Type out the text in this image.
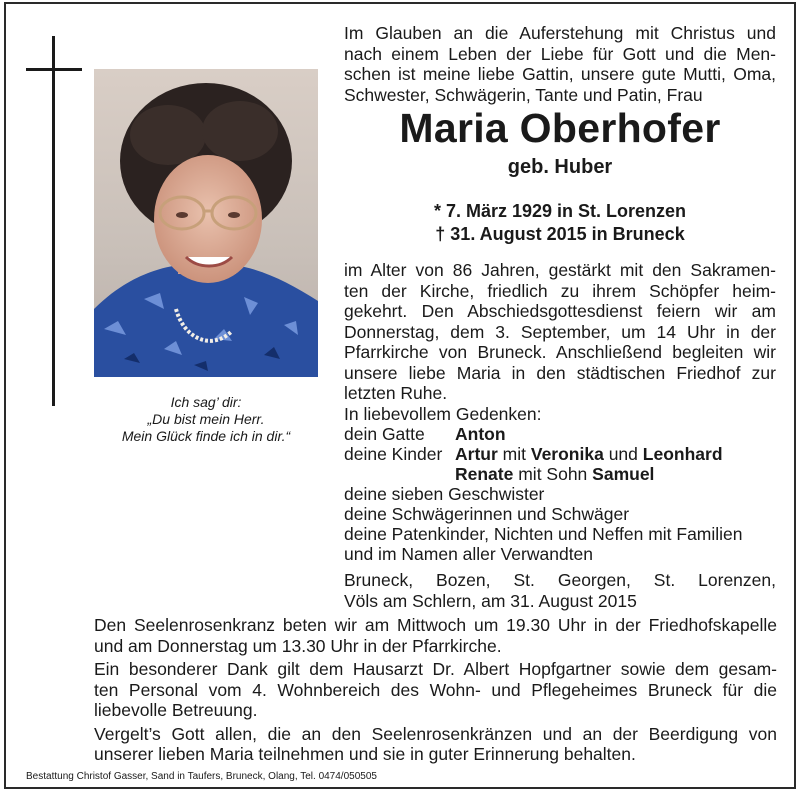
Ich sag’ dir:
„Du bist mein Herr.
Mein Glück finde ich in dir.“
Im Glauben an die Auferstehung mit Christus und
nach einem Leben der Liebe für Gott und die Men-
schen ist meine liebe Gattin, unsere gute Mutti, Oma,
Schwester, Schwägerin, Tante und Patin, Frau
Maria Oberhofer
geb. Huber
* 7. März 1929 in St. Lorenzen
† 31. August 2015 in Bruneck
im Alter von 86 Jahren, gestärkt mit den Sakramen-
ten der Kirche, friedlich zu ihrem Schöpfer heim-
gekehrt. Den Abschiedsgottesdienst feiern wir am
Donnerstag, dem 3. September, um 14 Uhr in der
Pfarrkirche von Bruneck. Anschließend begleiten wir
unsere liebe Maria in den städtischen Friedhof zur
letzten Ruhe.
In liebevollem Gedenken:
dein Gatte Anton
deine Kinder Artur mit Veronika und Leonhard
Renate mit Sohn Samuel
deine sieben Geschwister
deine Schwägerinnen und Schwäger
deine Patenkinder, Nichten und Neffen mit Familien
und im Namen aller Verwandten
Bruneck, Bozen, St. Georgen, St. Lorenzen,
Völs am Schlern, am 31. August 2015

Den Seelenrosenkranz beten wir am Mittwoch um 19.30 Uhr in der Friedhofskapelle
und am Donnerstag um 13.30 Uhr in der Pfarrkirche.

Ein besonderer Dank gilt dem Hausarzt Dr. Albert Hopfgartner sowie dem gesam-
ten Personal vom 4. Wohnbereich des Wohn- und Pflegeheimes Bruneck für die
liebevolle Betreuung.

Vergelt’s Gott allen, die an den Seelenrosenkränzen und an der Beerdigung von
unserer lieben Maria teilnehmen und sie in guter Erinnerung behalten.

Bestattung Christof Gasser, Sand in Taufers, Bruneck, Olang, Tel. 0474/050505
